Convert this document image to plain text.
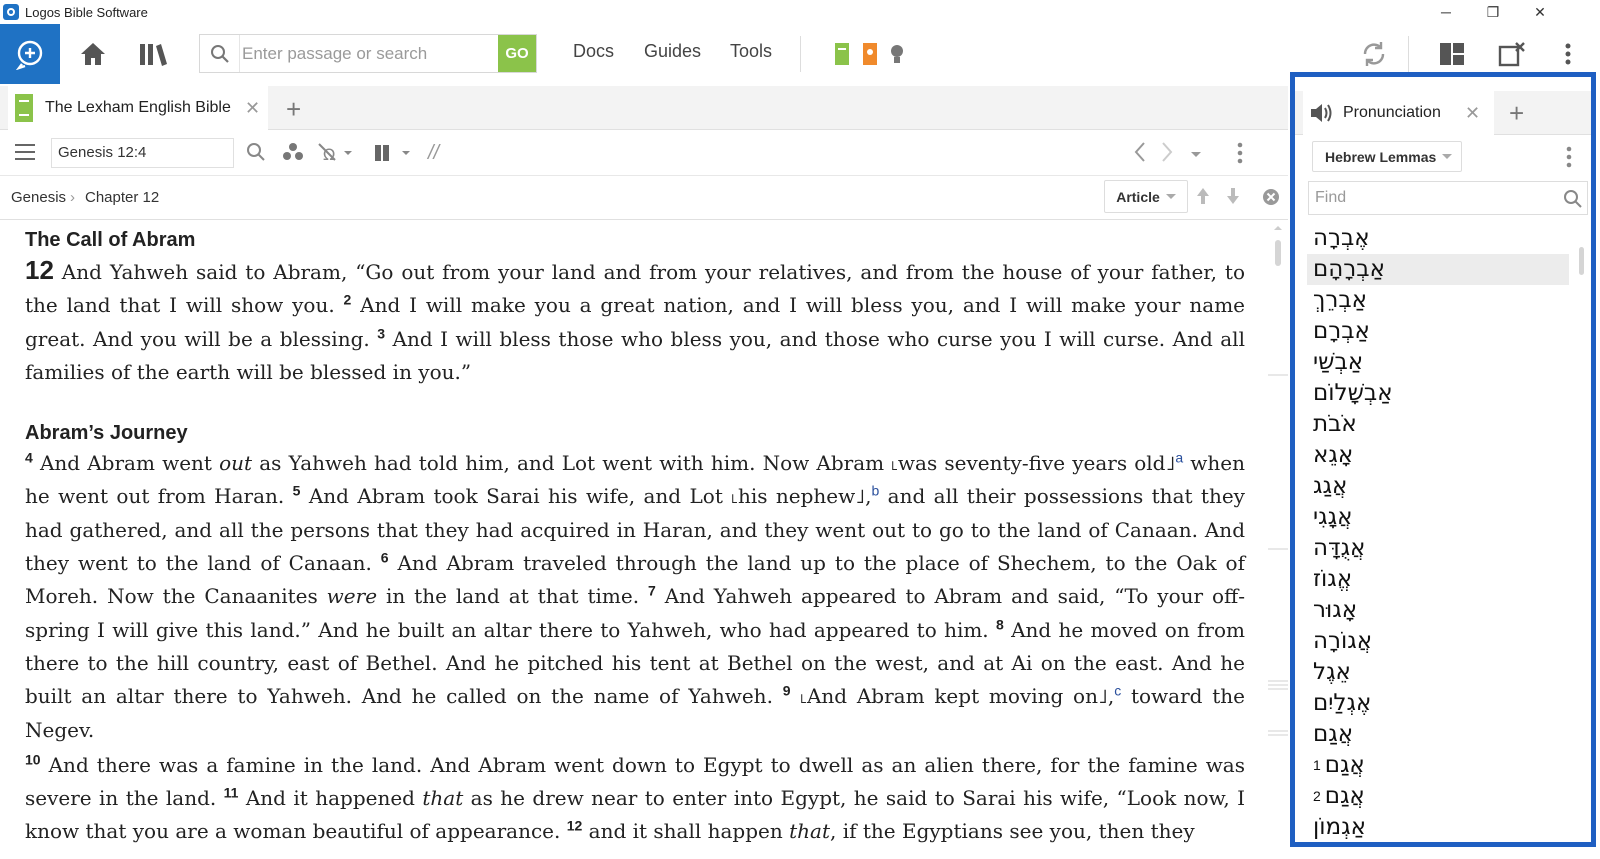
Logos Bible Software	─	❐	✕
Enter passage or search
GO	Docs Guides Tools
The Lexham English Bible ✕ +
Genesis 12:4	Ω	//
Genesis › Chapter 12	Article
The Call of Abram

12 And Yahweh said to Abram, “Go out from your land and from your relatives, and from the house of your father, to the land that I will show you. $^2$ And I will make you a great nation, and I will bless you, and I will make your name great. And you will be a blessing. $^3$ And I will bless those who bless you, and those who curse you I will curse. And all families of the earth will be blessed in you.”

Abram’s Journey

$^4$ And Abram went out as Yahweh had told him, and Lot went with him. Now Abram ˪was seventy-five years old˩$^a$ when he went out from Haran. $^5$ And Abram took Sarai his wife, and Lot ˪his nephew˩,$^b$ and all their possessions that they had gathered, and all the persons that they had acquired in Haran, and they went out to go to the land of Canaan. And they went to the land of Canaan. $^6$ And Abram traveled through the land up to the place of Shechem, to the Oak of Moreh. Now the Canaanites were in the land at that time. $^7$ And Yahweh appeared to Abram and said, “To your offspring I will give this land.” And he built an altar there to Yahweh, who had appeared to him. $^8$ And he moved on from there to the hill country, east of Bethel. And he pitched his tent at Bethel on the west, and at Ai on the east. And he built an altar there to Yahweh. And he called on the name of Yahweh. $^9$ ˪And Abram kept moving on˩,$^c$ toward the Negev.

$^{10}$ And there was a famine in the land. And Abram went down to Egypt to dwell as an alien there, for the famine was severe in the land. $^{11}$ And it happened that as he drew near to enter into Egypt, he said to Sarai his wife, “Look now, I know that you are a woman beautiful of appearance. $^{12}$ and it shall happen that, if the Egyptians see you, then they

Pronunciation ✕ +
Hebrew Lemmas
Find
אֶבְרָה
אַבְרָהָם
אַבְרֵךְ
אַבְרָם
אַבְשַׁי
אַבְשָׁלוֹם
אֹבֹת
אָגֵא
אֲגַג
אֲגָגִי
אֲגֻדָּה
אֱגוֹז
אָגוּר
אֲגוֹרָה
אֵגֶל
אֶגְלַיִם
אֲגַם
1 אֲגַם
2 אֲגַם
אַגְמוֹן
